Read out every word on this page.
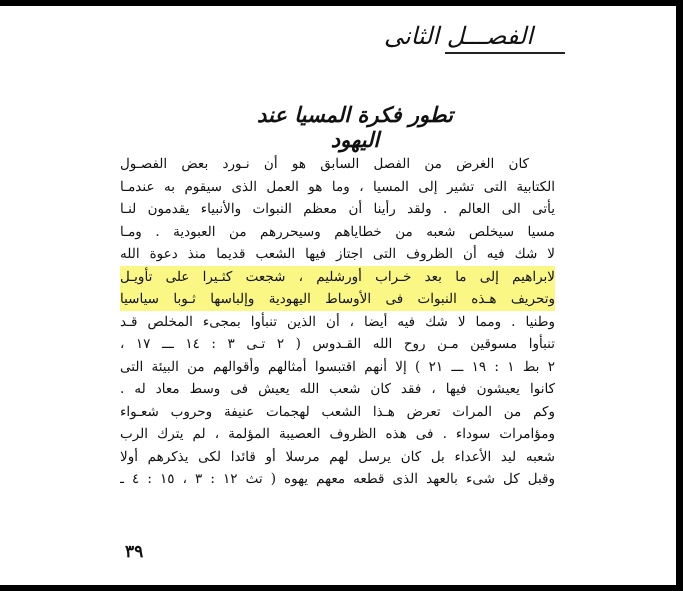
الفصـــل الثانى
تطور فكرة المسيا عند اليهود
كان الغرض من الفصل السابق هو أن نـورد بعض الفصـول
الكتابية التى تشير إلى المسيا ، وما هو العمل الذى سيقوم به عندمـا
يأتى الى العالم . ولقد رأينا أن معظم النبوات والأنبياء يقدمون لنـا
مسيا سيخلص شعبه من خطاياهم وسيحررهم من العبودية . ومـا
لا شك فيه أن الظروف التى اجتاز فيها الشعب قديما منذ دعوة الله
لابراهيم إلى ما بعد خـراب أورشليم ، شجعت كثـيرا على تأويـل
وتحريف هـذه النبوات فى الأوساط اليهودية وإلباسها ثـوبا سياسيا
وطنيا . ومما لا شك فيه أيضا ، أن الذين تنبأوا بمجىء المخلص قـد
تنبأوا مسوقين مـن روح الله القـدوس ( ٢ تـى ٣ : ١٤ ـــ ١٧ ،
٢ بط ١ : ١٩ ـــ ٢١ ) إلا أنهم اقتبسوا أمثالهم وأقوالهم من البيئة التى
كانوا يعيشون فيها ، فقد كان شعب الله يعيش فى وسط معاد له .
وكم من المرات تعرض هـذا الشعب لهجمات عنيفة وحروب شعـواء
ومؤامرات سوداء . فى هذه الظروف العصيبة المؤلمة ، لم يترك الرب
شعبه ليد الأعداء بل كان يرسل لهم مرسلا أو قائدا لكى يذكرهم أولا
وقبل كل شىء بالعهد الذى قطعه معهم يهوه ( تث ١٢ : ٣ ، ١٥ : ٤ ـ
٣٩
